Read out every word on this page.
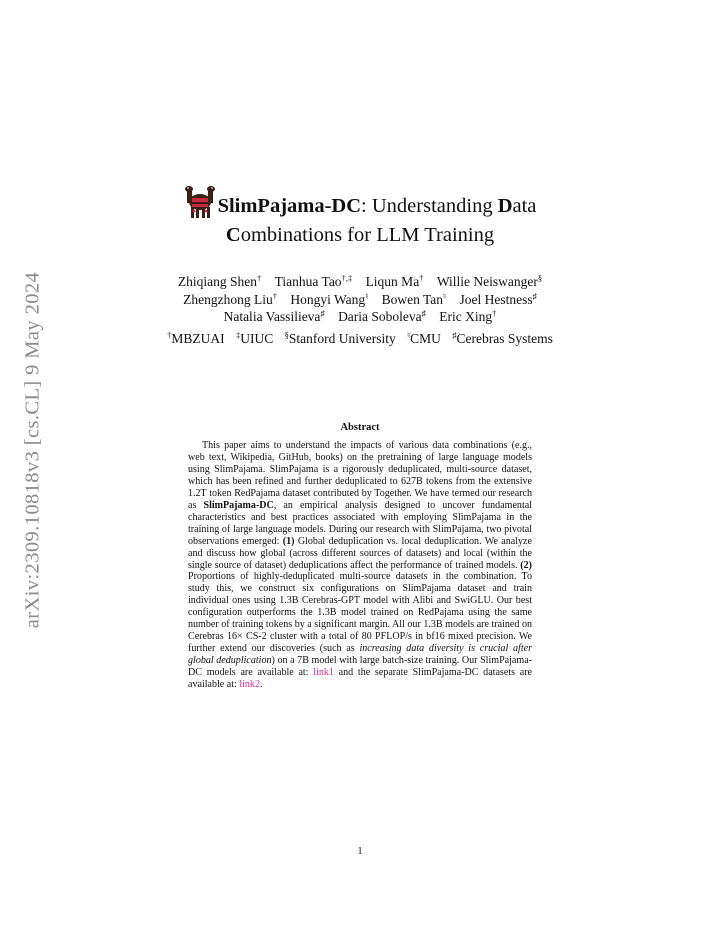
arXiv:2309.10818v3 [cs.CL] 9 May 2024
SlimPajama-DC: Understanding Data
Combinations for LLM Training
Zhiqiang Shen† Tianhua Tao†,‡ Liqun Ma† Willie Neiswanger§
Zhengzhong Liu† Hongyi Wang♮ Bowen Tan♮ Joel Hestness♯
Natalia Vassilieva♯ Daria Soboleva♯ Eric Xing†
†MBZUAI ‡UIUC §Stanford University ♮CMU ♯Cerebras Systems
Abstract

This paper aims to understand the impacts of various data combinations (e.g., web text, Wikipedia, GitHub, books) on the pretraining of large language models using SlimPajama. SlimPajama is a rigorously deduplicated, multi-source dataset, which has been refined and further deduplicated to 627B tokens from the extensive 1.2T token RedPajama dataset contributed by Together. We have termed our research as SlimPajama-DC, an empirical analysis designed to uncover fundamental characteristics and best practices associated with employing SlimPajama in the training of large language models. During our research with SlimPajama, two pivotal observations emerged: (1) Global deduplication vs. local deduplication. We analyze and discuss how global (across different sources of datasets) and local (within the single source of dataset) deduplications affect the performance of trained models. (2) Proportions of highly-deduplicated multi-source datasets in the combination. To study this, we construct six configurations on SlimPajama dataset and train individual ones using 1.3B Cerebras-GPT model with Alibi and SwiGLU. Our best configuration outperforms the 1.3B model trained on RedPajama using the same number of training tokens by a significant margin. All our 1.3B models are trained on Cerebras 16× CS-2 cluster with a total of 80 PFLOP/s in bf16 mixed precision. We further extend our discoveries (such as increasing data diversity is crucial after global deduplication) on a 7B model with large batch-size training. Our SlimPajama-DC models are available at: link1 and the separate SlimPajama-DC datasets are available at: link2.

1
